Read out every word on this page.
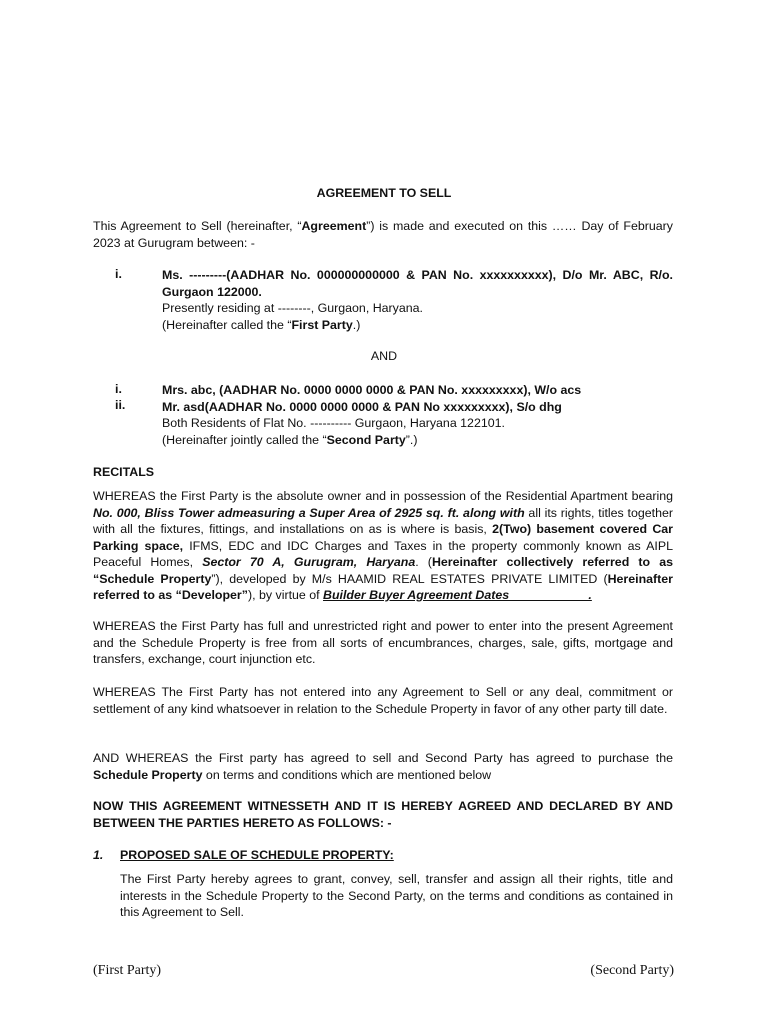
AGREEMENT TO SELL
This Agreement to Sell (hereinafter, “Agreement”) is made and executed on this …… Day of February 2023 at Gurugram between: -
i.	Ms. ---------(AADHAR No. 000000000000 & PAN No. xxxxxxxxxx), D/o Mr. ABC, R/o. Gurgaon 122000.
Presently residing at --------, Gurgaon, Haryana.
(Hereinafter called the “First Party.)
AND
i.
ii.
Mrs. abc, (AADHAR No. 0000 0000 0000 & PAN No. xxxxxxxxx), W/o acs
Mr. asd(AADHAR No. 0000 0000 0000 & PAN No xxxxxxxxx), S/o dhg
Both Residents of Flat No. ---------- Gurgaon, Haryana 122101.
(Hereinafter jointly called the “Second Party”.)
RECITALS
WHEREAS the First Party is the absolute owner and in possession of the Residential Apartment bearing No. 000, Bliss Tower admeasuring a Super Area of 2925 sq. ft. along with all its rights, titles together with all the fixtures, fittings, and installations on as is where is basis, 2(Two) basement covered Car Parking space, IFMS, EDC and IDC Charges and Taxes in the property commonly known as AIPL Peaceful Homes, Sector 70 A, Gurugram, Haryana. (Hereinafter collectively referred to as “Schedule Property”), developed by M/s HAAMID REAL ESTATES PRIVATE LIMITED (Hereinafter referred to as “Developer”), by virtue of Builder Buyer Agreement Dates ___________.
WHEREAS the First Party has full and unrestricted right and power to enter into the present Agreement and the Schedule Property is free from all sorts of encumbrances, charges, sale, gifts, mortgage and transfers, exchange, court injunction etc.
WHEREAS The First Party has not entered into any Agreement to Sell or any deal, commitment or settlement of any kind whatsoever in relation to the Schedule Property in favor of any other party till date.
AND WHEREAS the First party has agreed to sell and Second Party has agreed to purchase the Schedule Property on terms and conditions which are mentioned below
NOW THIS AGREEMENT WITNESSETH AND IT IS HEREBY AGREED AND DECLARED BY AND BETWEEN THE PARTIES HERETO AS FOLLOWS: -
1. PROPOSED SALE OF SCHEDULE PROPERTY:
The First Party hereby agrees to grant, convey, sell, transfer and assign all their rights, title and interests in the Schedule Property to the Second Party, on the terms and conditions as contained in this Agreement to Sell.
(First Party)	(Second Party)
